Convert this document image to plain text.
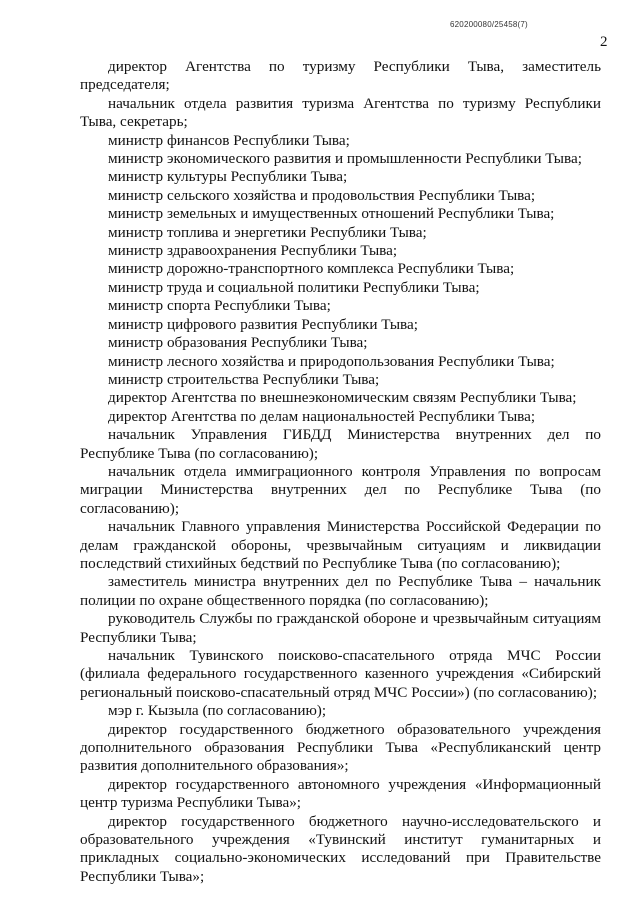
620200080/25458(7)
2

директор Агентства по туризму Республики Тыва, заместитель председателя;

начальник отдела развития туризма Агентства по туризму Республики Тыва, секретарь;

министр финансов Республики Тыва;

министр экономического развития и промышленности Республики Тыва;

министр культуры Республики Тыва;

министр сельского хозяйства и продовольствия Республики Тыва;

министр земельных и имущественных отношений Республики Тыва;

министр топлива и энергетики Республики Тыва;

министр здравоохранения Республики Тыва;

министр дорожно-транспортного комплекса Республики Тыва;

министр труда и социальной политики Республики Тыва;

министр спорта Республики Тыва;

министр цифрового развития Республики Тыва;

министр образования Республики Тыва;

министр лесного хозяйства и природопользования Республики Тыва;

министр строительства Республики Тыва;

директор Агентства по внешнеэкономическим связям Республики Тыва;

директор Агентства по делам национальностей Республики Тыва;

начальник Управления ГИБДД Министерства внутренних дел по Республике Тыва (по согласованию);

начальник отдела иммиграционного контроля Управления по вопросам миграции Министерства внутренних дел по Республике Тыва (по согласованию);

начальник Главного управления Министерства Российской Федерации по делам гражданской обороны, чрезвычайным ситуациям и ликвидации последствий стихийных бедствий по Республике Тыва (по согласованию);

заместитель министра внутренних дел по Республике Тыва – начальник полиции по охране общественного порядка (по согласованию);

руководитель Службы по гражданской обороне и чрезвычайным ситуациям Республики Тыва;

начальник Тувинского поисково-спасательного отряда МЧС России (филиала федерального государственного казенного учреждения «Сибирский региональный поисково-спасательный отряд МЧС России») (по согласованию);

мэр г. Кызыла (по согласованию);

директор государственного бюджетного образовательного учреждения дополнительного образования Республики Тыва «Республиканский центр развития дополнительного образования»;

директор государственного автономного учреждения «Информационный центр туризма Республики Тыва»;

директор государственного бюджетного научно-исследовательского и образовательного учреждения «Тувинский институт гуманитарных и прикладных социально-экономических исследований при Правительстве Республики Тыва»;
